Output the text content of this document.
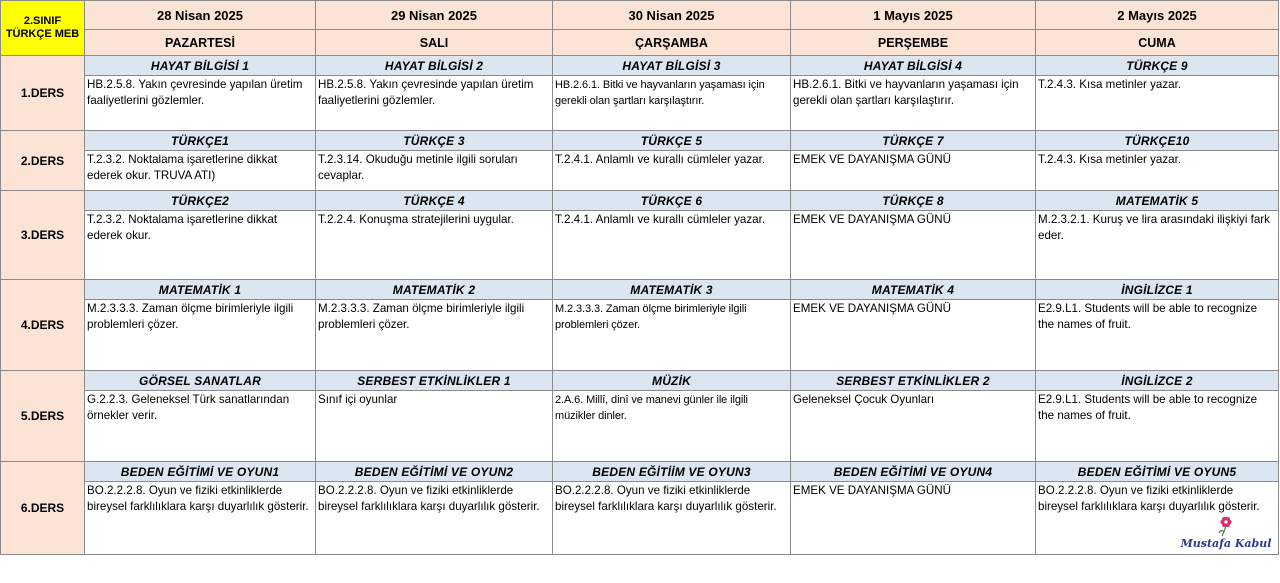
2.SINIF TÜRKÇE MEB	28 Nisan 2025	29 Nisan 2025	30 Nisan 2025	1 Mayıs 2025	2 Mayıs 2025
	PAZARTESİ	SALI	ÇARŞAMBA	PERŞEMBE	CUMA
1.DERS	HAYAT BİLGİSİ 1	HAYAT BİLGİSİ 2	HAYAT BİLGİSİ 3	HAYAT BİLGİSİ 4	TÜRKÇE 9
	HB.2.5.8. Yakın çevresinde yapılan üretim faaliyetlerini gözlemler.	HB.2.5.8. Yakın çevresinde yapılan üretim faaliyetlerini gözlemler.	HB.2.6.1. Bitki ve hayvanların yaşaması için gerekli olan şartları karşılaştırır.	HB.2.6.1. Bitki ve hayvanların yaşaması için gerekli olan şartları karşılaştırır.	T.2.4.3. Kısa metinler yazar.
2.DERS	TÜRKÇE1	TÜRKÇE 3	TÜRKÇE 5	TÜRKÇE 7	TÜRKÇE10
	T.2.3.2. Noktalama işaretlerine dikkat ederek okur. TRUVA ATI)	T.2.3.14. Okuduğu metinle ilgili soruları cevaplar.	T.2.4.1. Anlamlı ve kurallı cümleler yazar.	EMEK VE DAYANIŞMA GÜNÜ	T.2.4.3. Kısa metinler yazar.
3.DERS	TÜRKÇE2	TÜRKÇE 4	TÜRKÇE 6	TÜRKÇE 8	MATEMATİK 5
	T.2.3.2. Noktalama işaretlerine dikkat ederek okur.	T.2.2.4. Konuşma stratejilerini uygular.	T.2.4.1. Anlamlı ve kurallı cümleler yazar.	EMEK VE DAYANIŞMA GÜNÜ	M.2.3.2.1. Kuruş ve lira arasındaki ilişkiyi fark eder.
4.DERS	MATEMATİK 1	MATEMATİK 2	MATEMATİK 3	MATEMATİK 4	İNGİLİZCE 1
	M.2.3.3.3. Zaman ölçme birimleriyle ilgili problemleri çözer.	M.2.3.3.3. Zaman ölçme birimleriyle ilgili problemleri çözer.	M.2.3.3.3. Zaman ölçme birimleriyle ilgili problemleri çözer.	EMEK VE DAYANIŞMA GÜNÜ	E2.9.L1. Students will be able to recognize the names of fruit.
5.DERS	GÖRSEL SANATLAR	SERBEST ETKİNLİKLER 1	MÜZİK	SERBEST ETKİNLİKLER 2	İNGİLİZCE 2
	G.2.2.3. Geleneksel Türk sanatlarından örnekler verir.	Sınıf içi oyunlar	2.A.6. Millî, dinî ve manevi günler ile ilgili müzikler dinler.	Geleneksel Çocuk Oyunları	E2.9.L1. Students will be able to recognize the names of fruit.
6.DERS	BEDEN EĞİTİMİ VE OYUN1	BEDEN EĞİTİMİ VE OYUN2	BEDEN EĞİTİİM VE OYUN3	BEDEN EĞİTİMİ VE OYUN4	BEDEN EĞİTİMİ VE OYUN5
	BO.2.2.2.8. Oyun ve fiziki etkinliklerde bireysel farklılıklara karşı duyarlılık gösterir.	BO.2.2.2.8. Oyun ve fiziki etkinliklerde bireysel farklılıklara karşı duyarlılık gösterir.	BO.2.2.2.8. Oyun ve fiziki etkinliklerde bireysel farklılıklara karşı duyarlılık gösterir.	EMEK VE DAYANIŞMA GÜNÜ	BO.2.2.2.8. Oyun ve fiziki etkinliklerde bireysel farklılıklara karşı duyarlılık gösterir.
Mustafa Kabul
